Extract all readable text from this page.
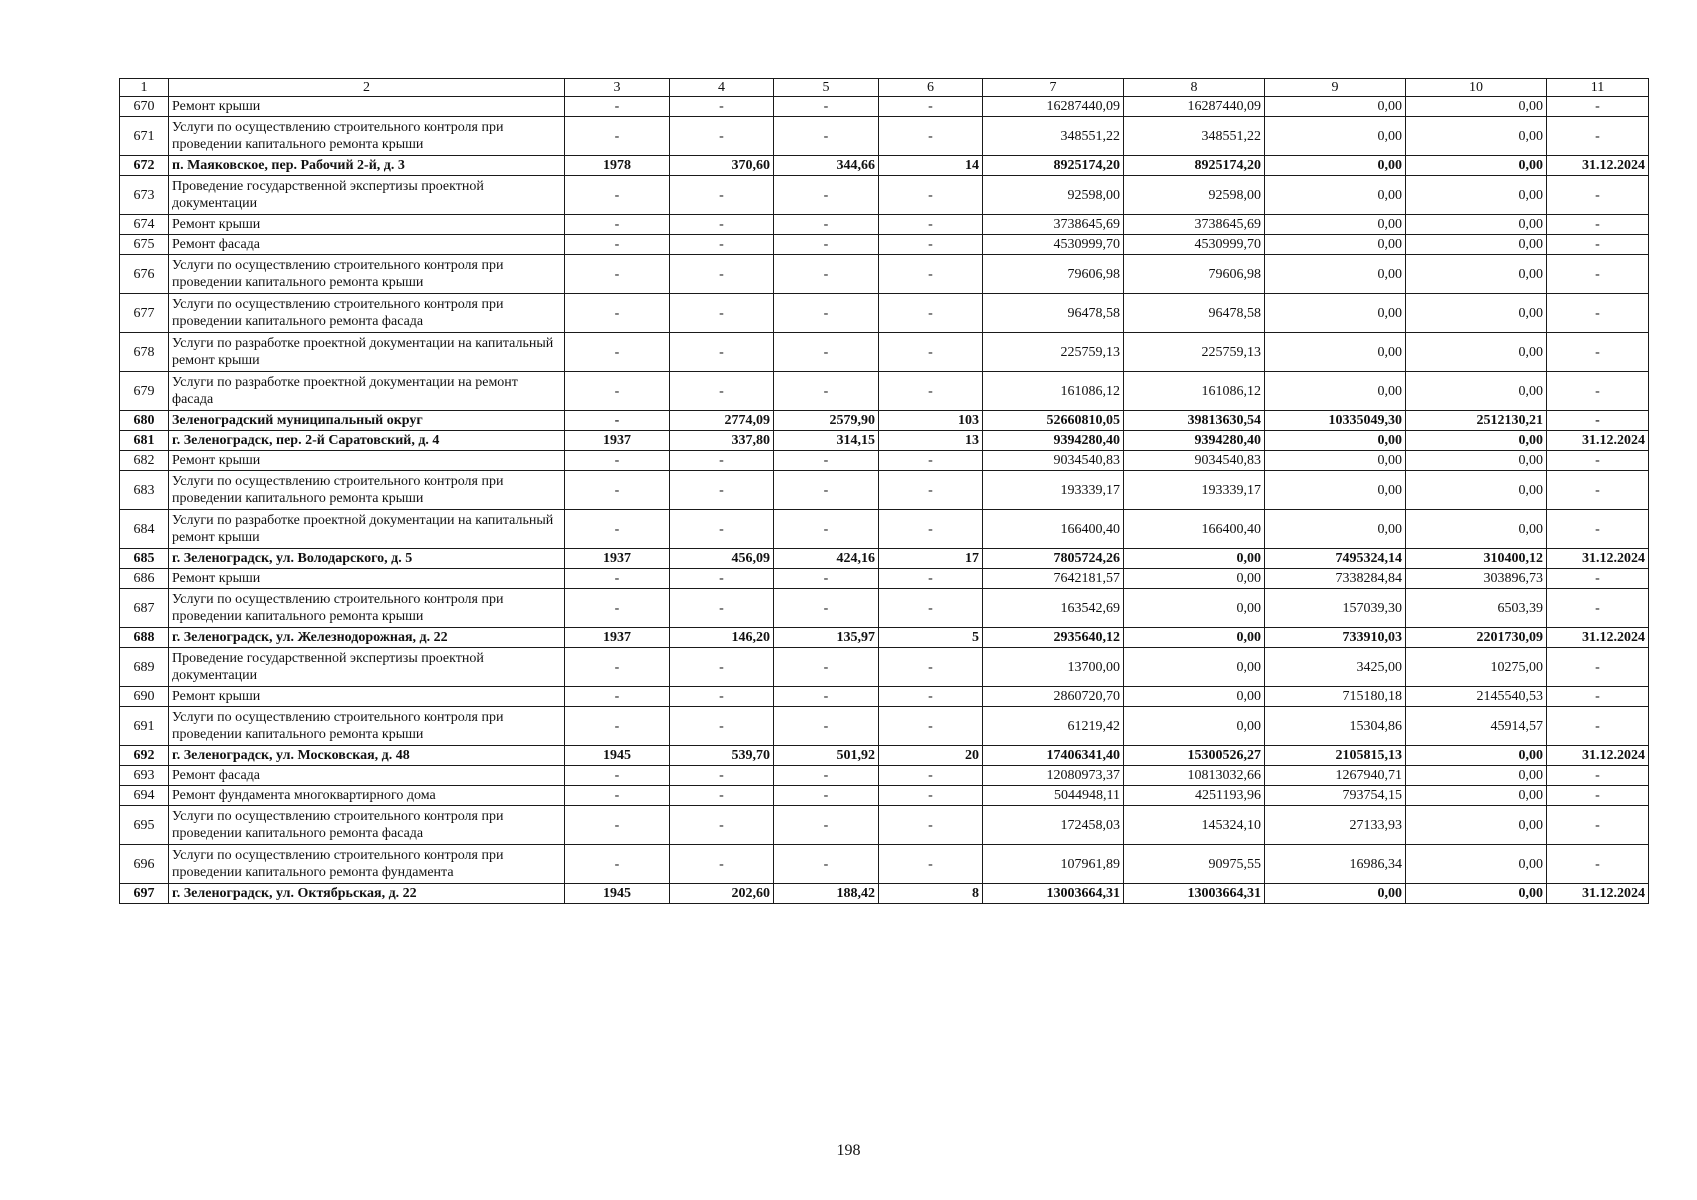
1	2	3	4	5	6	7	8	9	10	11
670	Ремонт крыши	-	-	-	-	16287440,09	16287440,09	0,00	0,00	-
671	Услуги по осуществлению строительного контроля при проведении капитального ремонта крыши	-	-	-	-	348551,22	348551,22	0,00	0,00	-
672	п. Маяковское, пер. Рабочий 2-й, д. 3	1978	370,60	344,66	14	8925174,20	8925174,20	0,00	0,00	31.12.2024
673	Проведение государственной экспертизы проектной документации	-	-	-	-	92598,00	92598,00	0,00	0,00	-
674	Ремонт крыши	-	-	-	-	3738645,69	3738645,69	0,00	0,00	-
675	Ремонт фасада	-	-	-	-	4530999,70	4530999,70	0,00	0,00	-
676	Услуги по осуществлению строительного контроля при проведении капитального ремонта крыши	-	-	-	-	79606,98	79606,98	0,00	0,00	-
677	Услуги по осуществлению строительного контроля при проведении капитального ремонта фасада	-	-	-	-	96478,58	96478,58	0,00	0,00	-
678	Услуги по разработке проектной документации на капитальный ремонт крыши	-	-	-	-	225759,13	225759,13	0,00	0,00	-
679	Услуги по разработке проектной документации на ремонт фасада	-	-	-	-	161086,12	161086,12	0,00	0,00	-
680	Зеленоградский муниципальный округ	-	2774,09	2579,90	103	52660810,05	39813630,54	10335049,30	2512130,21	-
681	г. Зеленоградск, пер. 2-й Саратовский, д. 4	1937	337,80	314,15	13	9394280,40	9394280,40	0,00	0,00	31.12.2024
682	Ремонт крыши	-	-	-	-	9034540,83	9034540,83	0,00	0,00	-
683	Услуги по осуществлению строительного контроля при проведении капитального ремонта крыши	-	-	-	-	193339,17	193339,17	0,00	0,00	-
684	Услуги по разработке проектной документации на капитальный ремонт крыши	-	-	-	-	166400,40	166400,40	0,00	0,00	-
685	г. Зеленоградск, ул. Володарского, д. 5	1937	456,09	424,16	17	7805724,26	0,00	7495324,14	310400,12	31.12.2024
686	Ремонт крыши	-	-	-	-	7642181,57	0,00	7338284,84	303896,73	-
687	Услуги по осуществлению строительного контроля при проведении капитального ремонта крыши	-	-	-	-	163542,69	0,00	157039,30	6503,39	-
688	г. Зеленоградск, ул. Железнодорожная, д. 22	1937	146,20	135,97	5	2935640,12	0,00	733910,03	2201730,09	31.12.2024
689	Проведение государственной экспертизы проектной документации	-	-	-	-	13700,00	0,00	3425,00	10275,00	-
690	Ремонт крыши	-	-	-	-	2860720,70	0,00	715180,18	2145540,53	-
691	Услуги по осуществлению строительного контроля при проведении капитального ремонта крыши	-	-	-	-	61219,42	0,00	15304,86	45914,57	-
692	г. Зеленоградск, ул. Московская, д. 48	1945	539,70	501,92	20	17406341,40	15300526,27	2105815,13	0,00	31.12.2024
693	Ремонт фасада	-	-	-	-	12080973,37	10813032,66	1267940,71	0,00	-
694	Ремонт фундамента многоквартирного дома	-	-	-	-	5044948,11	4251193,96	793754,15	0,00	-
695	Услуги по осуществлению строительного контроля при проведении капитального ремонта фасада	-	-	-	-	172458,03	145324,10	27133,93	0,00	-
696	Услуги по осуществлению строительного контроля при проведении капитального ремонта фундамента	-	-	-	-	107961,89	90975,55	16986,34	0,00	-
697	г. Зеленоградск, ул. Октябрьская, д. 22	1945	202,60	188,42	8	13003664,31	13003664,31	0,00	0,00	31.12.2024
198
